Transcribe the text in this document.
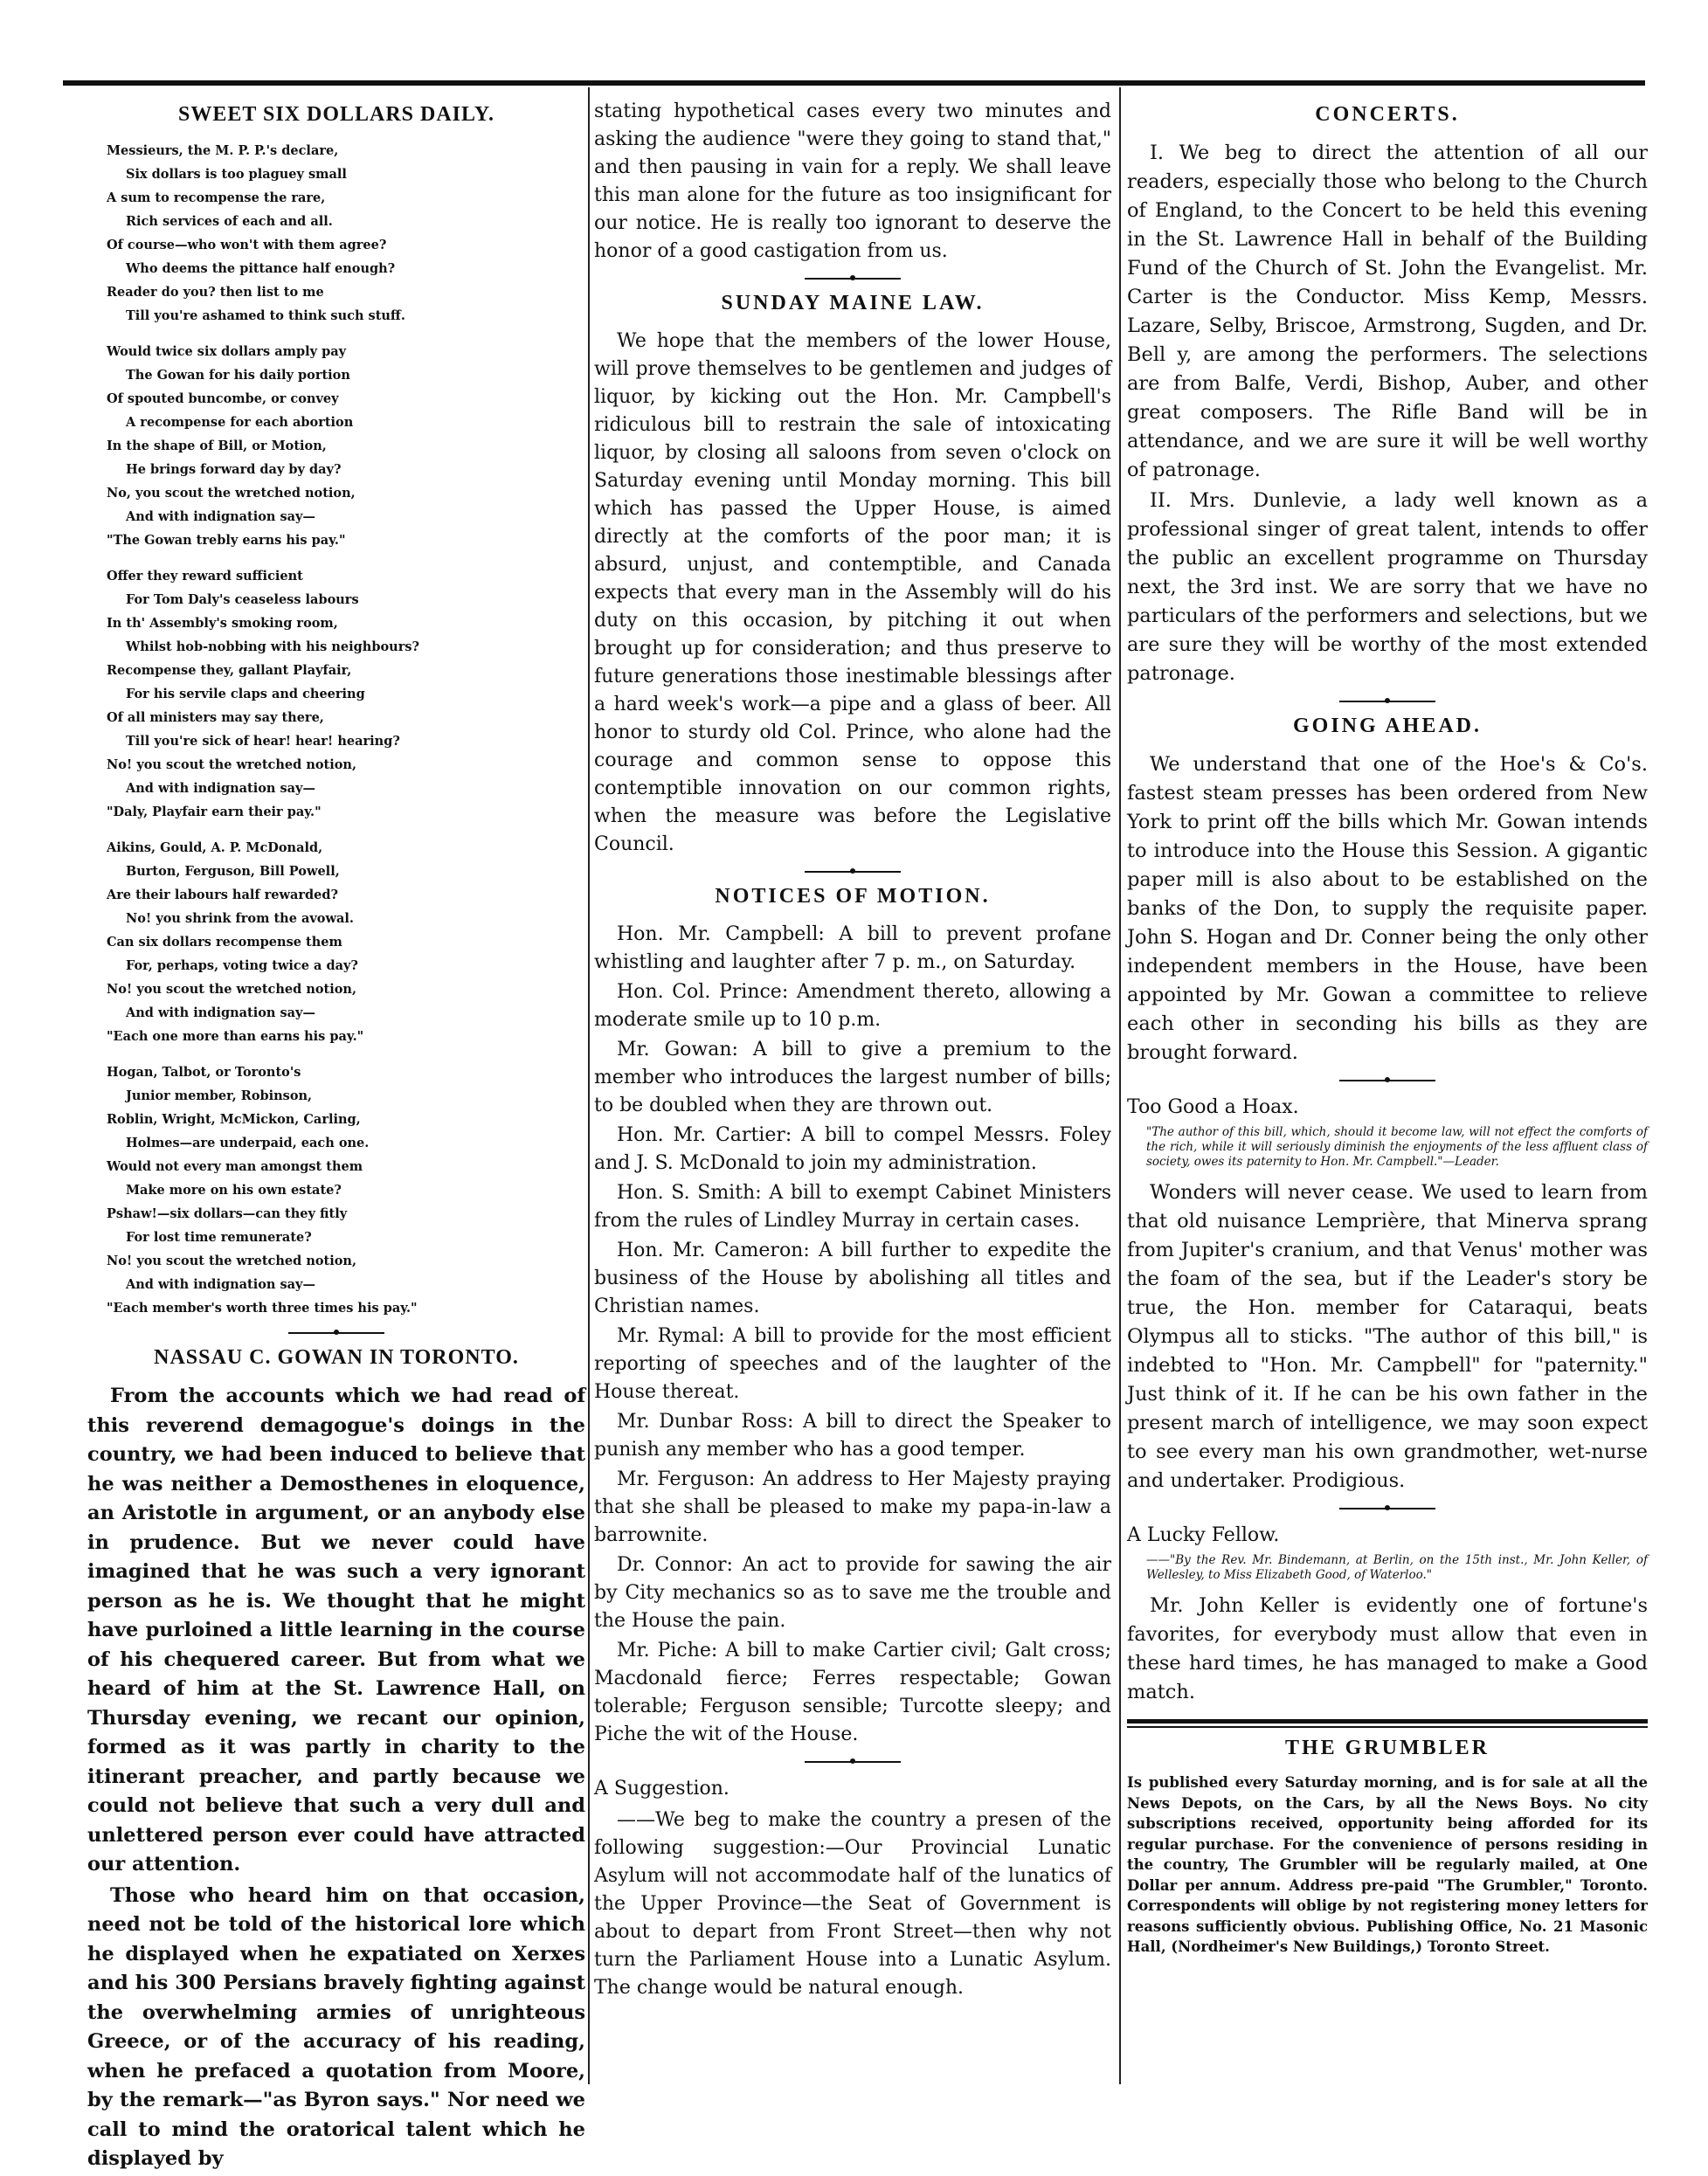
SWEET SIX DOLLARS DAILY.
Messieurs, the M. P. P.'s declare,
Six dollars is too plaguey small
A sum to recompense the rare,
Rich services of each and all.
Of course—who won't with them agree?
Who deems the pittance half enough?
Reader do you? then list to me
Till you're ashamed to think such stuff.
Would twice six dollars amply pay
The Gowan for his daily portion
Of spouted buncombe, or convey
A recompense for each abortion
In the shape of Bill, or Motion,
He brings forward day by day?
No, you scout the wretched notion,
And with indignation say—
"The Gowan trebly earns his pay."
Offer they reward sufficient
For Tom Daly's ceaseless labours
In th' Assembly's smoking room,
Whilst hob-nobbing with his neighbours?
Recompense they, gallant Playfair,
For his servile claps and cheering
Of all ministers may say there,
Till you're sick of hear! hear! hearing?
No! you scout the wretched notion,
And with indignation say—
"Daly, Playfair earn their pay."
Aikins, Gould, A. P. McDonald,
Burton, Ferguson, Bill Powell,
Are their labours half rewarded?
No! you shrink from the avowal.
Can six dollars recompense them
For, perhaps, voting twice a day?
No! you scout the wretched notion,
And with indignation say—
"Each one more than earns his pay."
Hogan, Talbot, or Toronto's
Junior member, Robinson,
Roblin, Wright, McMickon, Carling,
Holmes—are underpaid, each one.
Would not every man amongst them
Make more on his own estate?
Pshaw!—six dollars—can they fitly
For lost time remunerate?
No! you scout the wretched notion,
And with indignation say—
"Each member's worth three times his pay."
NASSAU C. GOWAN IN TORONTO.

From the accounts which we had read of this reverend demagogue's doings in the country, we had been induced to believe that he was neither a Demosthenes in eloquence, an Aristotle in argument, or an anybody else in prudence. But we never could have imagined that he was such a very ignorant person as he is. We thought that he might have purloined a little learning in the course of his chequered career. But from what we heard of him at the St. Lawrence Hall, on Thursday evening, we recant our opinion, formed as it was partly in charity to the itinerant preacher, and partly because we could not believe that such a very dull and unlettered person ever could have attracted our attention.

Those who heard him on that occasion, need not be told of the historical lore which he displayed when he expatiated on Xerxes and his 300 Persians bravely fighting against the overwhelming armies of unrighteous Greece, or of the accuracy of his reading, when he prefaced a quotation from Moore, by the remark—"as Byron says." Nor need we call to mind the oratorical talent which he displayed by

stating hypothetical cases every two minutes and asking the audience "were they going to stand that," and then pausing in vain for a reply. We shall leave this man alone for the future as too insignificant for our notice. He is really too ignorant to deserve the honor of a good castigation from us.

SUNDAY MAINE LAW.

We hope that the members of the lower House, will prove themselves to be gentlemen and judges of liquor, by kicking out the Hon. Mr. Campbell's ridiculous bill to restrain the sale of intoxicating liquor, by closing all saloons from seven o'clock on Saturday evening until Monday morning. This bill which has passed the Upper House, is aimed directly at the comforts of the poor man; it is absurd, unjust, and contemptible, and Canada expects that every man in the Assembly will do his duty on this occasion, by pitching it out when brought up for consideration; and thus preserve to future generations those inestimable blessings after a hard week's work—a pipe and a glass of beer. All honor to sturdy old Col. Prince, who alone had the courage and common sense to oppose this contemptible innovation on our common rights, when the measure was before the Legislative Council.

NOTICES OF MOTION.

Hon. Mr. Campbell: A bill to prevent profane whistling and laughter after 7 p. m., on Saturday.

Hon. Col. Prince: Amendment thereto, allowing a moderate smile up to 10 p.m.

Mr. Gowan: A bill to give a premium to the member who introduces the largest number of bills; to be doubled when they are thrown out.

Hon. Mr. Cartier: A bill to compel Messrs. Foley and J. S. McDonald to join my administration.

Hon. S. Smith: A bill to exempt Cabinet Ministers from the rules of Lindley Murray in certain cases.

Hon. Mr. Cameron: A bill further to expedite the business of the House by abolishing all titles and Christian names.

Mr. Rymal: A bill to provide for the most efficient reporting of speeches and of the laughter of the House thereat.

Mr. Dunbar Ross: A bill to direct the Speaker to punish any member who has a good temper.

Mr. Ferguson: An address to Her Majesty praying that she shall be pleased to make my papa-in-law a barrownite.

Dr. Connor: An act to provide for sawing the air by City mechanics so as to save me the trouble and the House the pain.

Mr. Piche: A bill to make Cartier civil; Galt cross; Macdonald fierce; Ferres respectable; Gowan tolerable; Ferguson sensible; Turcotte sleepy; and Piche the wit of the House.

A Suggestion.

——We beg to make the country a presen of the following suggestion:—Our Provincial Lunatic Asylum will not accommodate half of the lunatics of the Upper Province—the Seat of Government is about to depart from Front Street—then why not turn the Parliament House into a Lunatic Asylum. The change would be natural enough.

CONCERTS.

I. We beg to direct the attention of all our readers, especially those who belong to the Church of England, to the Concert to be held this evening in the St. Lawrence Hall in behalf of the Building Fund of the Church of St. John the Evangelist. Mr. Carter is the Conductor. Miss Kemp, Messrs. Lazare, Selby, Briscoe, Armstrong, Sugden, and Dr. Bell y, are among the performers. The selections are from Balfe, Verdi, Bishop, Auber, and other great composers. The Rifle Band will be in attendance, and we are sure it will be well worthy of patronage.

II. Mrs. Dunlevie, a lady well known as a professional singer of great talent, intends to offer the public an excellent programme on Thursday next, the 3rd inst. We are sorry that we have no particulars of the performers and selections, but we are sure they will be worthy of the most extended patronage.

GOING AHEAD.

We understand that one of the Hoe's & Co's. fastest steam presses has been ordered from New York to print off the bills which Mr. Gowan intends to introduce into the House this Session. A gigantic paper mill is also about to be established on the banks of the Don, to supply the requisite paper. John S. Hogan and Dr. Conner being the only other independent members in the House, have been appointed by Mr. Gowan a committee to relieve each other in seconding his bills as they are brought forward.

Too Good a Hoax.
"The author of this bill, which, should it become law, will not effect the comforts of the rich, while it will seriously diminish the enjoyments of the less affluent class of society, owes its paternity to Hon. Mr. Campbell."—Leader.

Wonders will never cease. We used to learn from that old nuisance Lemprière, that Minerva sprang from Jupiter's cranium, and that Venus' mother was the foam of the sea, but if the Leader's story be true, the Hon. member for Cataraqui, beats Olympus all to sticks. "The author of this bill," is indebted to "Hon. Mr. Campbell" for "paternity." Just think of it. If he can be his own father in the present march of intelligence, we may soon expect to see every man his own grandmother, wet-nurse and undertaker. Prodigious.

A Lucky Fellow.
——"By the Rev. Mr. Bindemann, at Berlin, on the 15th inst., Mr. John Keller, of Wellesley, to Miss Elizabeth Good, of Waterloo."

Mr. John Keller is evidently one of fortune's favorites, for everybody must allow that even in these hard times, he has managed to make a Good match.

THE GRUMBLER
Is published every Saturday morning, and is for sale at all the News Depots, on the Cars, by all the News Boys. No city subscriptions received, opportunity being afforded for its regular purchase. For the convenience of persons residing in the country, The Grumbler will be regularly mailed, at One Dollar per annum. Address pre-paid "The Grumbler," Toronto. Correspondents will oblige by not registering money letters for reasons sufficiently obvious. Publishing Office, No. 21 Masonic Hall, (Nordheimer's New Buildings,) Toronto Street.
